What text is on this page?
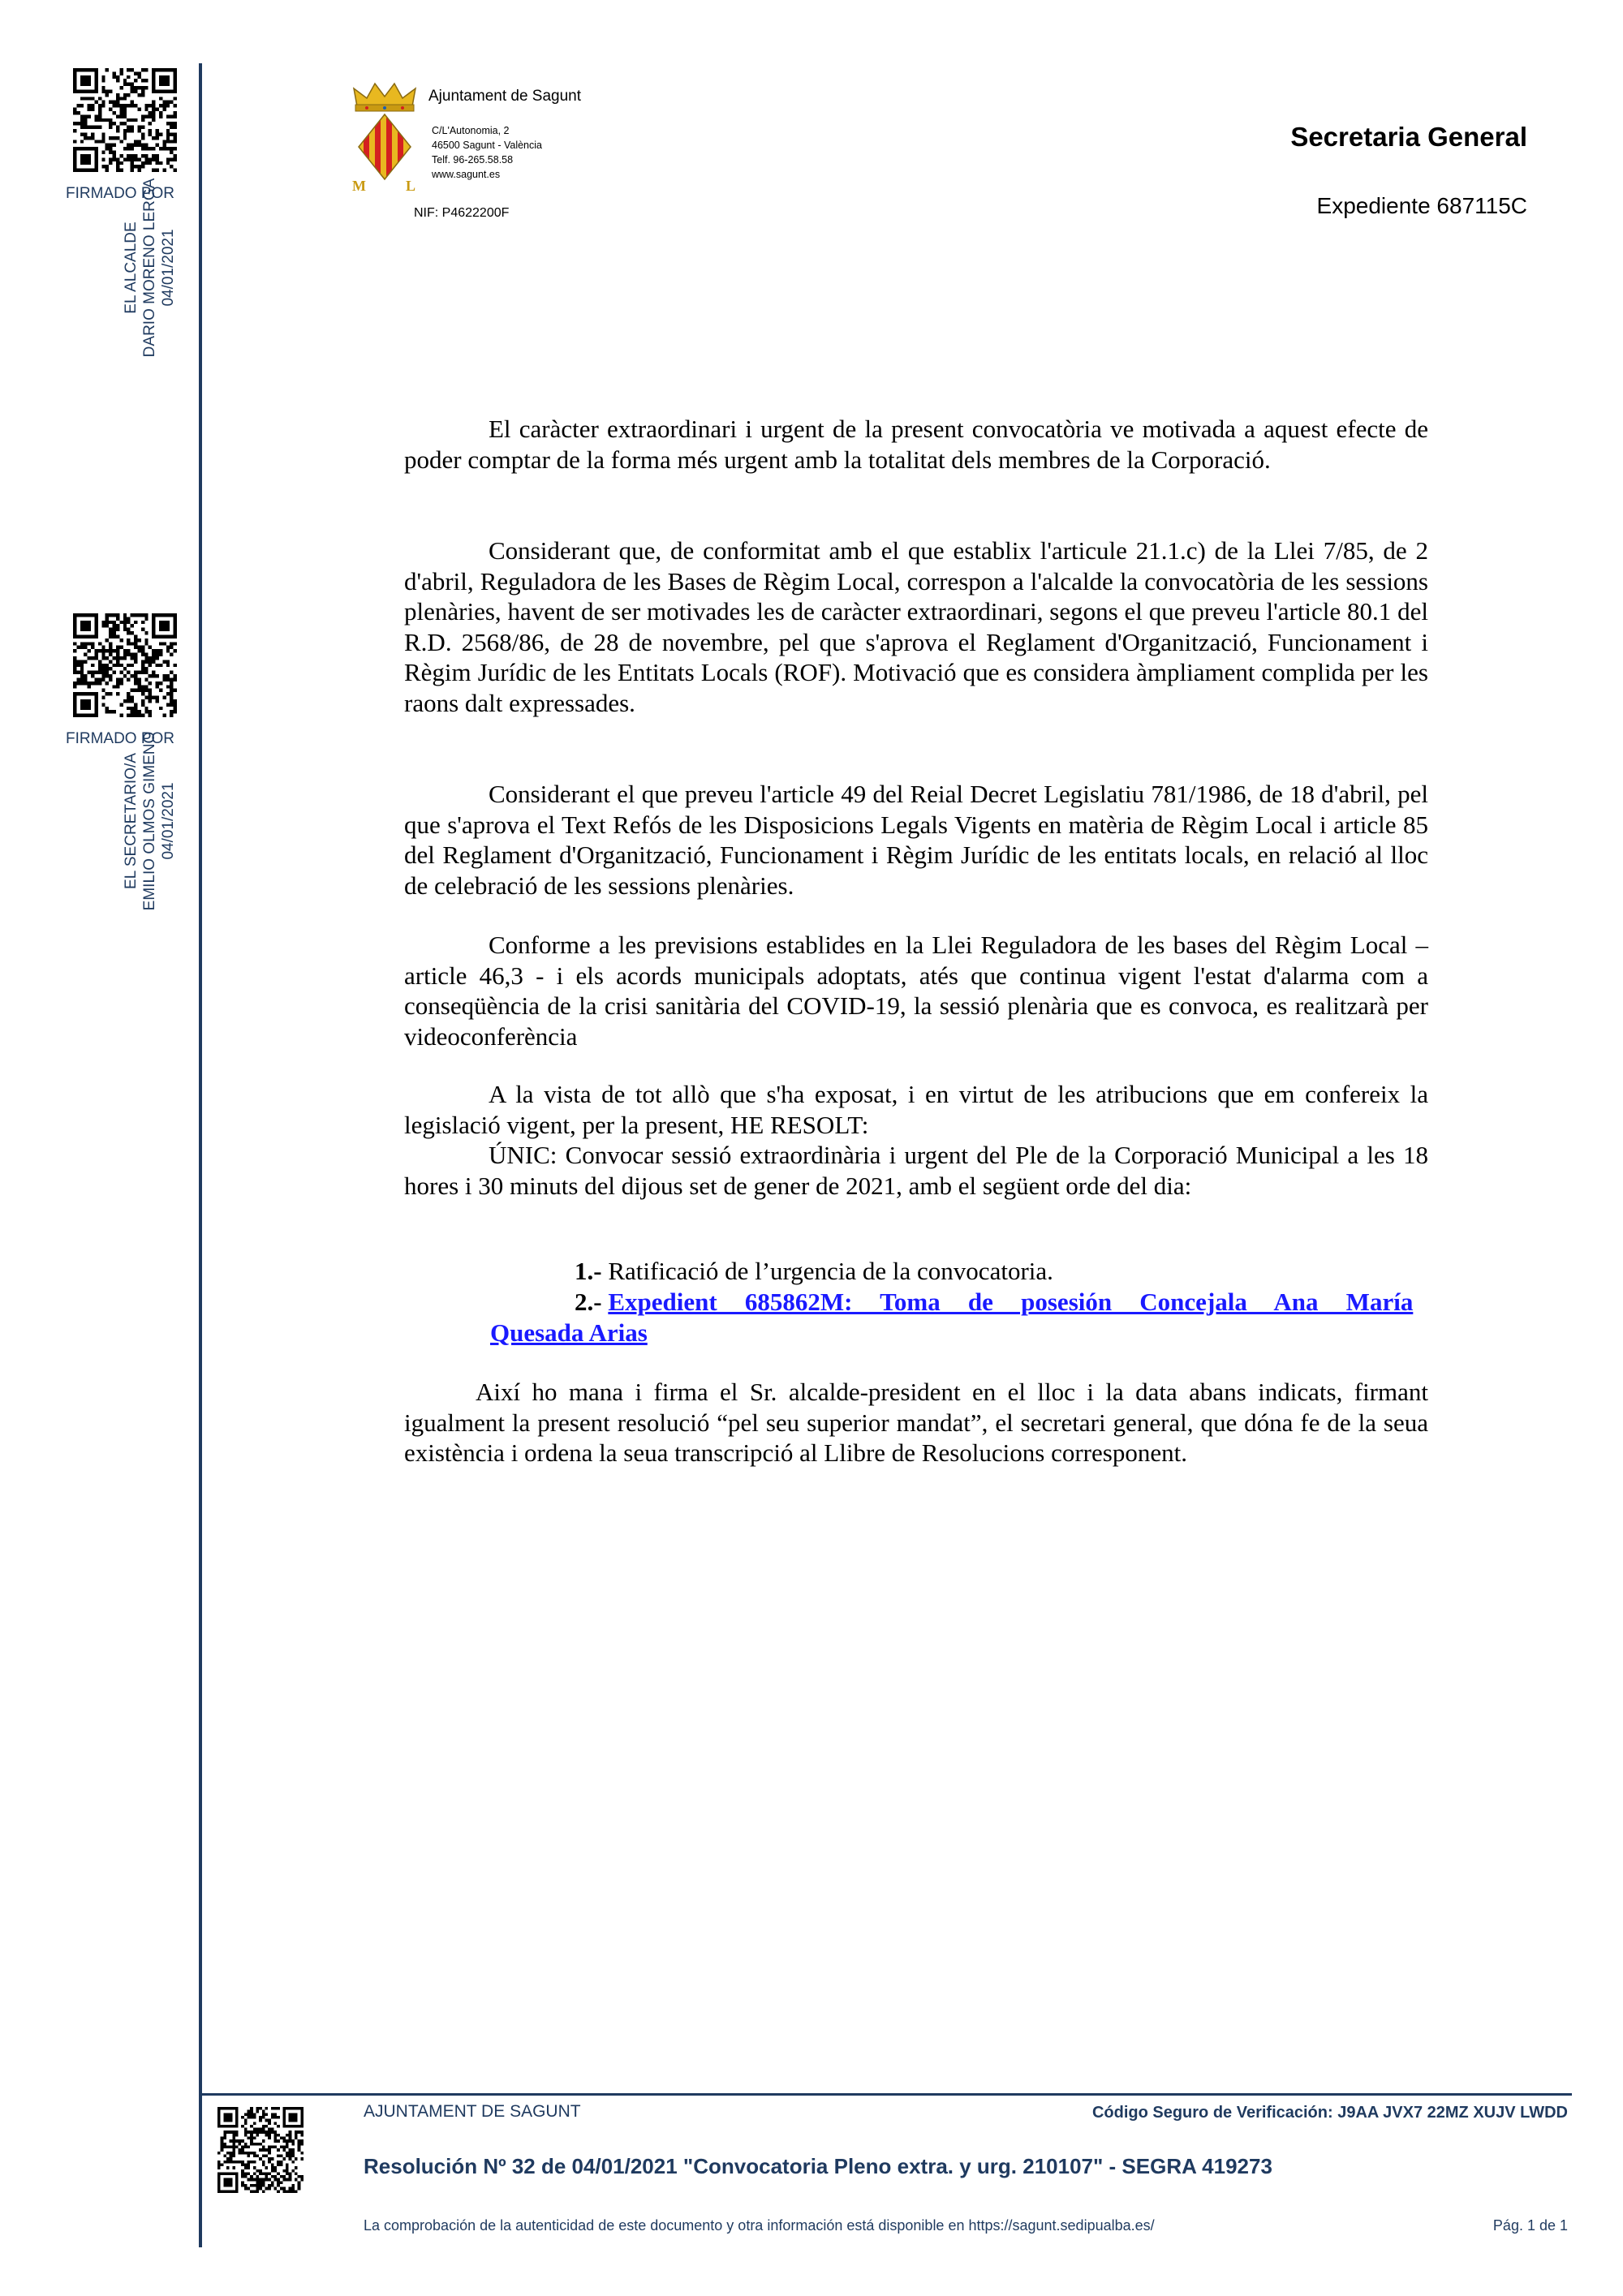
FIRMADO POR
EL ALCALDE DARIO MORENO LERGA 04/01/2021
FIRMADO POR
EL SECRETARIO/A EMILIO OLMOS GIMENO 04/01/2021
M	L
Ajuntament de Sagunt
C/L'Autonomia, 2
46500 Sagunt - València
Telf. 96-265.58.58
www.sagunt.es
NIF: P4622200F
Secretaria General
Expediente 687115C

El caràcter extraordinari i urgent de la present convocatòria ve motivada a aquest efecte de poder comptar de la forma més urgent amb la totalitat dels membres de la Corporació.

Considerant que, de conformitat amb el que establix l'articule 21.1.c) de la Llei 7/85, de 2 d'abril, Reguladora de les Bases de Règim Local, correspon a l'alcalde la convocatòria de les sessions plenàries, havent de ser motivades les de caràcter extraordinari, segons el que preveu l'article 80.1 del R.D. 2568/86, de 28 de novembre, pel que s'aprova el Reglament d'Organització, Funcionament i Règim Jurídic de les Entitats Locals (ROF). Motivació que es considera àmpliament complida per les raons dalt expressades.

Considerant el que preveu l'article 49 del Reial Decret Legislatiu 781/1986, de 18 d'abril, pel que s'aprova el Text Refós de les Disposicions Legals Vigents en matèria de Règim Local i article 85 del Reglament d'Organització, Funcionament i Règim Jurídic de les entitats locals, en relació al lloc de celebració de les sessions plenàries.

Conforme a les previsions establides en la Llei Reguladora de les bases del Règim Local – article 46,3 - i els acords municipals adoptats, atés que continua vigent l'estat d'alarma com a conseqüència de la crisi sanitària del COVID-19, la sessió plenària que es convoca, es realitzarà per videoconferència

A la vista de tot allò que s'ha exposat, i en virtut de les atribucions que em confereix la legislació vigent, per la present, HE RESOLT:

ÚNIC: Convocar sessió extraordinària i urgent del Ple de la Corporació Municipal a les 18 hores i 30 minuts del dijous set de gener de 2021, amb el següent orde del dia:

1.- Ratificació de l’urgencia de la convocatoria.
2.- Expedient 685862M: Toma de posesión Concejala Ana María
Quesada Arias

Així ho mana i firma el Sr. alcalde-president en el lloc i la data abans indicats, firmant igualment la present resolució “pel seu superior mandat”, el secretari general, que dóna fe de la seua existència i ordena la seua transcripció al Llibre de Resolucions corresponent.

AJUNTAMENT DE SAGUNT	Código Seguro de Verificación: J9AA JVX7 22MZ XUJV LWDD
Resolución Nº 32 de 04/01/2021 "Convocatoria Pleno extra. y urg. 210107" - SEGRA 419273
La comprobación de la autenticidad de este documento y otra información está disponible en https://sagunt.sedipualba.es/	Pág. 1 de 1
